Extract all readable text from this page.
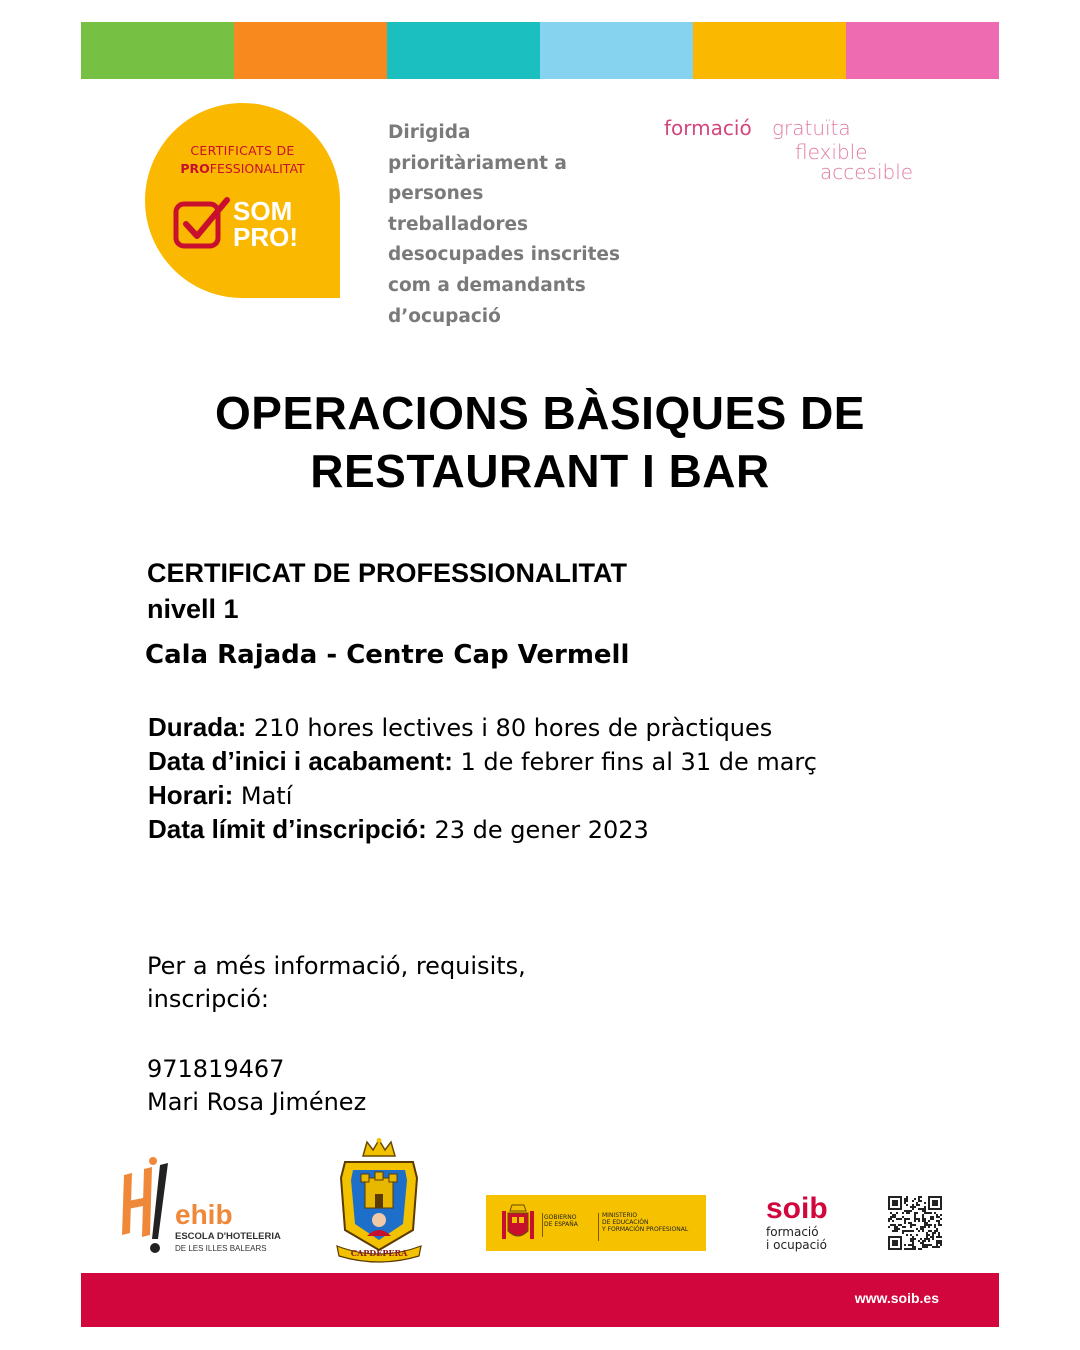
CERTIFICATS DE
PROFESSIONALITAT
SOM
PRO!
Dirigida prioritàriament a persones treballadores desocupades inscrites com a demandants d’ocupació
formació gratuïta
flexible
accesible
OPERACIONS BÀSIQUES DE
RESTAURANT I BAR
CERTIFICAT DE PROFESSIONALITAT
nivell 1
Cala Rajada - Centre Cap Vermell
Durada: 210 hores lectives i 80 hores de pràctiques
Data d’inici i acabament: 1 de febrer fins al 31 de març
Horari: Matí
Data límit d’inscripció: 23 de gener 2023
Per a més informació, requisits, inscripció:
971819467
Mari Rosa Jiménez
ehib
ESCOLA D'HOTELERIA
DE LES ILLES BALEARS	CAPDEPERA
GOBIERNO
DE ESPAÑA
MINISTERIO
DE EDUCACIÓN
Y FORMACIÓN PROFESIONAL
soib
formació
i ocupació
www.soib.es
